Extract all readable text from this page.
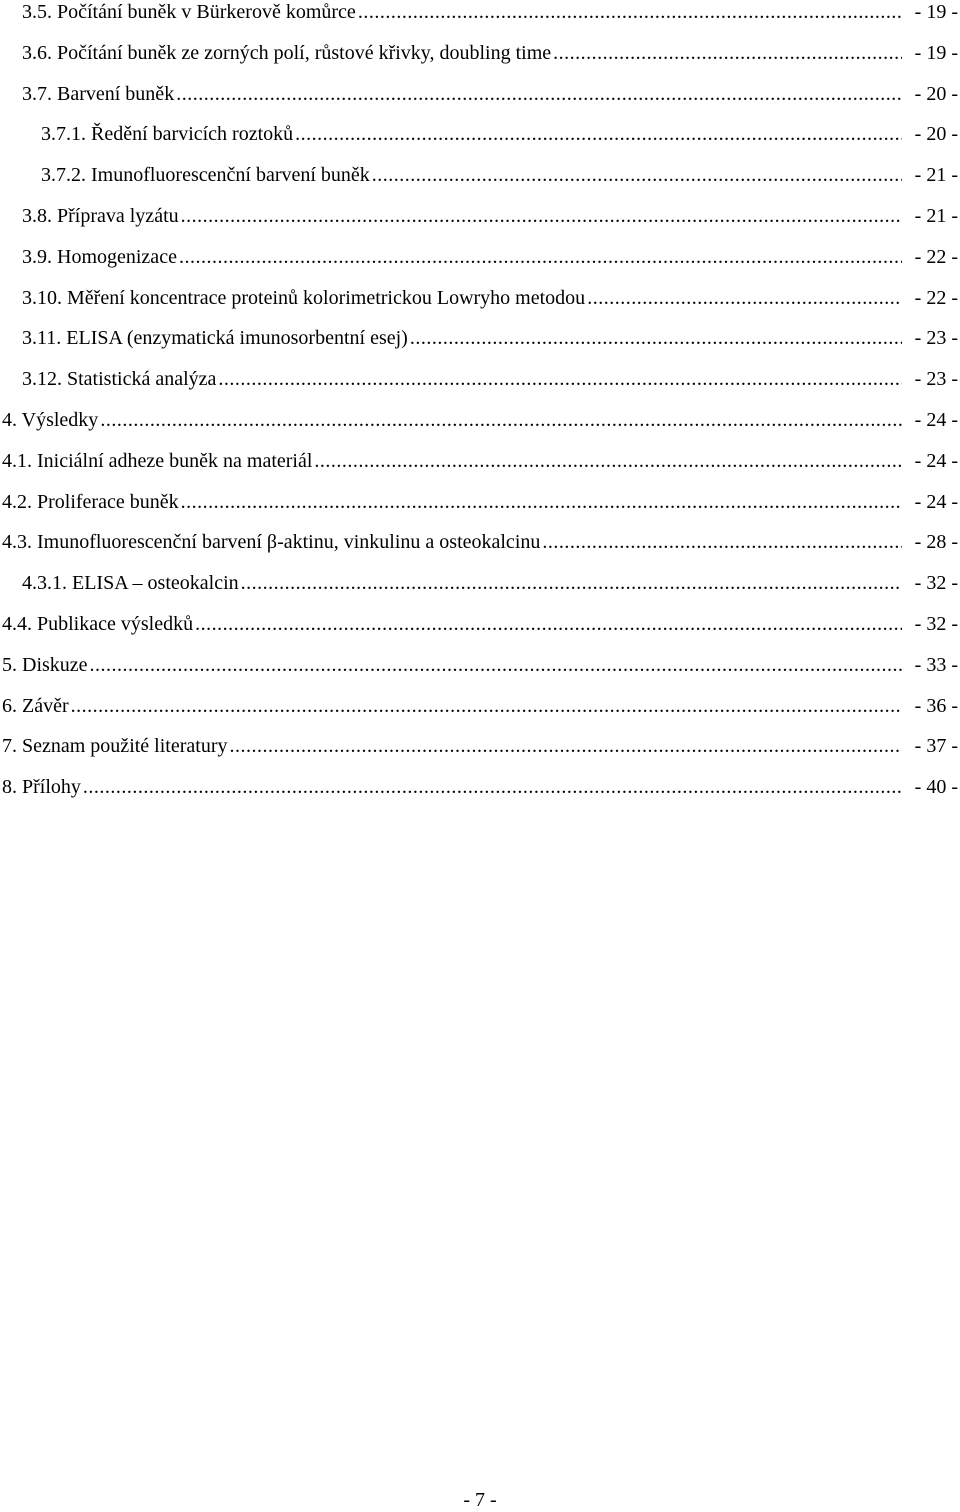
3.5. Počítání buněk v Bürkerově komůrce .....	- 19 -
3.6. Počítání buněk ze zorných polí, růstové křivky, doubling time .....	- 19 -
3.7. Barvení buněk .....	- 20 -
3.7.1. Ředění barvicích roztoků .....	- 20 -
3.7.2. Imunofluorescenční barvení buněk .....	- 21 -
3.8. Příprava lyzátu .....	- 21 -
3.9. Homogenizace .....	- 22 -
3.10. Měření koncentrace proteinů kolorimetrickou Lowryho metodou .....	- 22 -
3.11. ELISA (enzymatická imunosorbentní esej) .....	- 23 -
3.12. Statistická analýza .....	- 23 -
4. Výsledky .....	- 24 -
4.1. Iniciální adheze buněk na materiál .....	- 24 -
4.2. Proliferace buněk .....	- 24 -
4.3. Imunofluorescenční barvení β-aktinu, vinkulinu a osteokalcinu .....	- 28 -
4.3.1. ELISA – osteokalcin .....	- 32 -
4.4. Publikace výsledků .....	- 32 -
5. Diskuze .....	- 33 -
6. Závěr .....	- 36 -
7. Seznam použité literatury .....	- 37 -
8. Přílohy .....	- 40 -
- 7 -
